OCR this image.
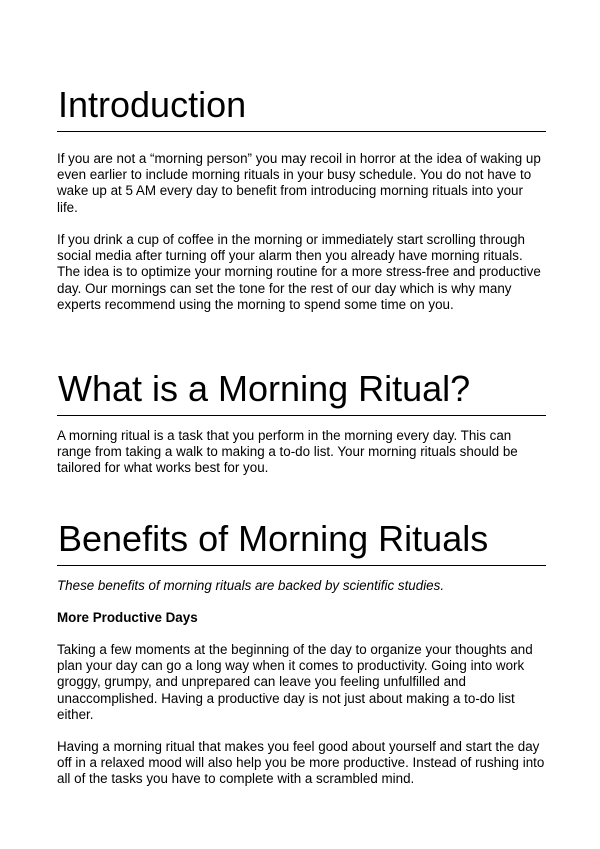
Introduction

If you are not a “morning person” you may recoil in horror at the idea of waking up even earlier to include morning rituals in your busy schedule. You do not have to wake up at 5 AM every day to benefit from introducing morning rituals into your life.

If you drink a cup of coffee in the morning or immediately start scrolling through social media after turning off your alarm then you already have morning rituals. The idea is to optimize your morning routine for a more stress-free and productive day. Our mornings can set the tone for the rest of our day which is why many experts recommend using the morning to spend some time on you.

What is a Morning Ritual?

A morning ritual is a task that you perform in the morning every day. This can range from taking a walk to making a to-do list. Your morning rituals should be tailored for what works best for you.

Benefits of Morning Rituals

These benefits of morning rituals are backed by scientific studies.

More Productive Days

Taking a few moments at the beginning of the day to organize your thoughts and plan your day can go a long way when it comes to productivity. Going into work groggy, grumpy, and unprepared can leave you feeling unfulfilled and unaccomplished. Having a productive day is not just about making a to-do list either.

Having a morning ritual that makes you feel good about yourself and start the day off in a relaxed mood will also help you be more productive. Instead of rushing into all of the tasks you have to complete with a scrambled mind.
